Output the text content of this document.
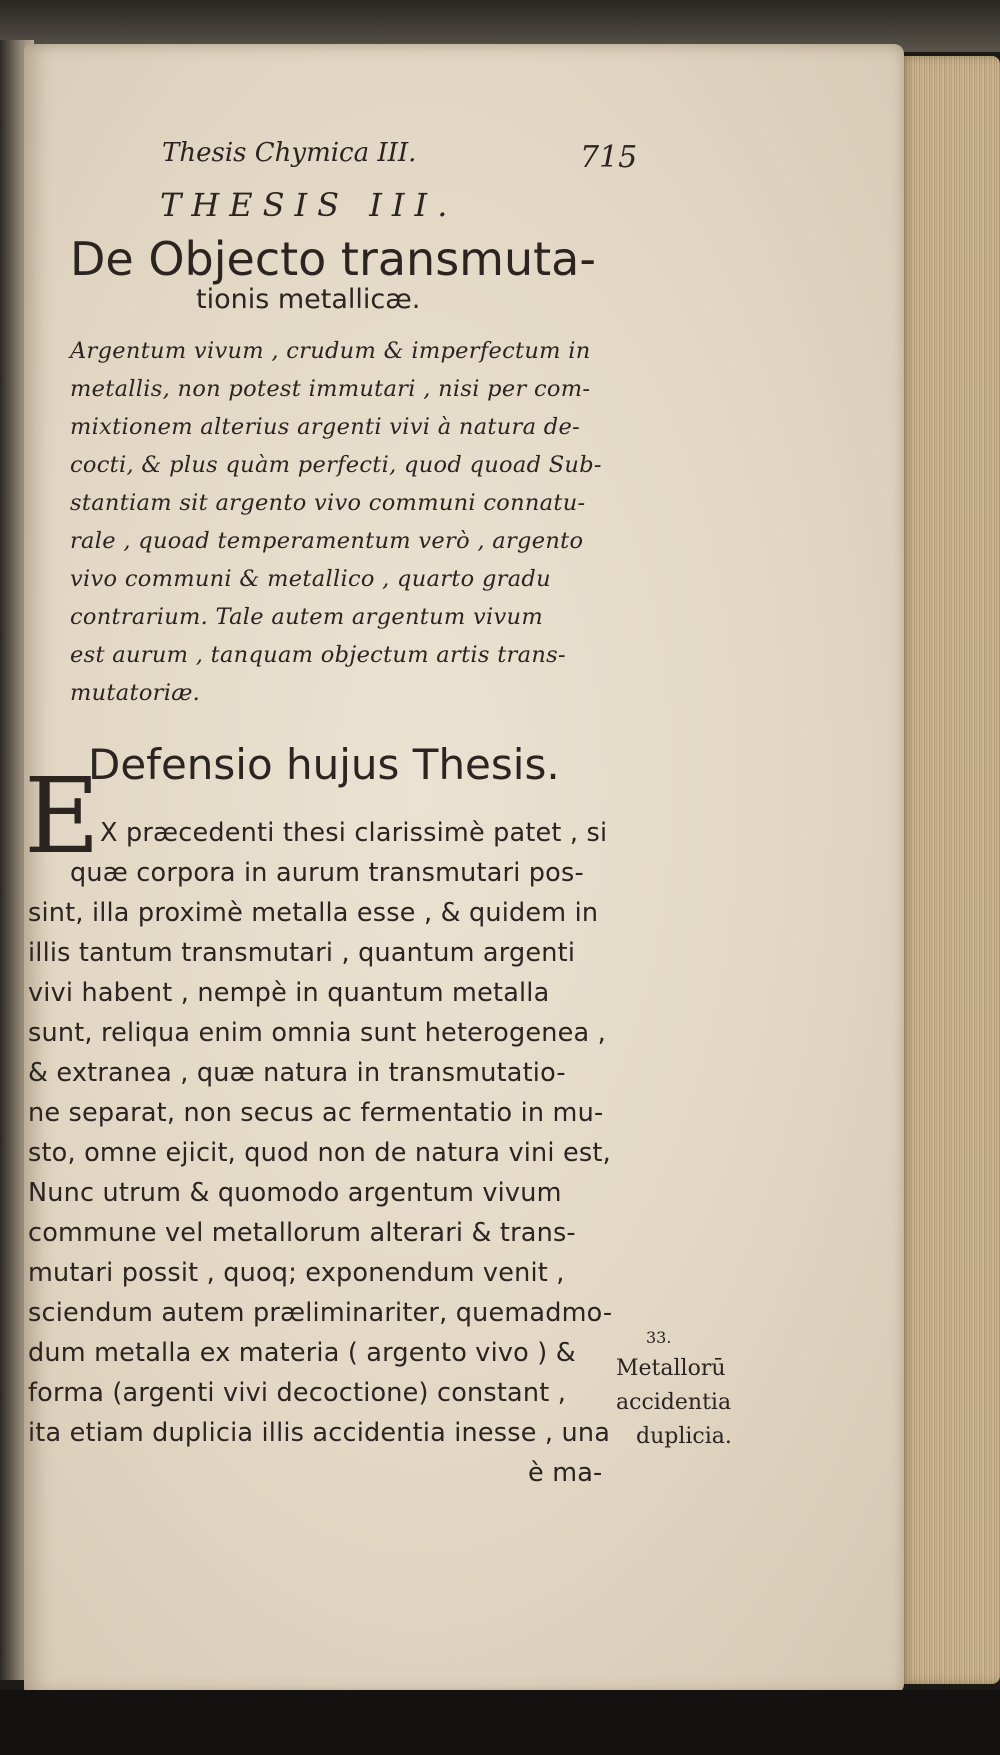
Thesis Chymica III.	715
THESIS III.
De Objecto transmuta-
tionis metallicæ.
Argentum vivum , crudum & imperfectum in
metallis, non potest immutari , nisi per com-
mixtionem alterius argenti vivi à natura de-
cocti, & plus quàm perfecti, quod quoad Sub-
stantiam sit argento vivo communi connatu-
rale , quoad temperamentum verò , argento
vivo communi & metallico , quarto gradu
contrarium. Tale autem argentum vivum
est aurum , tanquam objectum artis trans-
mutatoriæ.
Defensio hujus Thesis.
E X præcedenti thesi clarissimè patet , si
quæ corpora in aurum transmutari pos-
sint, illa proximè metalla esse , & quidem in
illis tantum transmutari , quantum argenti
vivi habent , nempè in quantum metalla
sunt, reliqua enim omnia sunt heterogenea ,
& extranea , quæ natura in transmutatio-
ne separat, non secus ac fermentatio in mu-
sto, omne ejicit, quod non de natura vini est,
Nunc utrum & quomodo argentum vivum
commune vel metallorum alterari & trans-
mutari possit , quoq; exponendum venit ,
sciendum autem præliminariter, quemadmo-
dum metalla ex materia ( argento vivo ) &
forma (argenti vivi decoctione) constant ,
ita etiam duplicia illis accidentia inesse , una
è ma-
33.
Metallorū
accidentia
duplicia.
